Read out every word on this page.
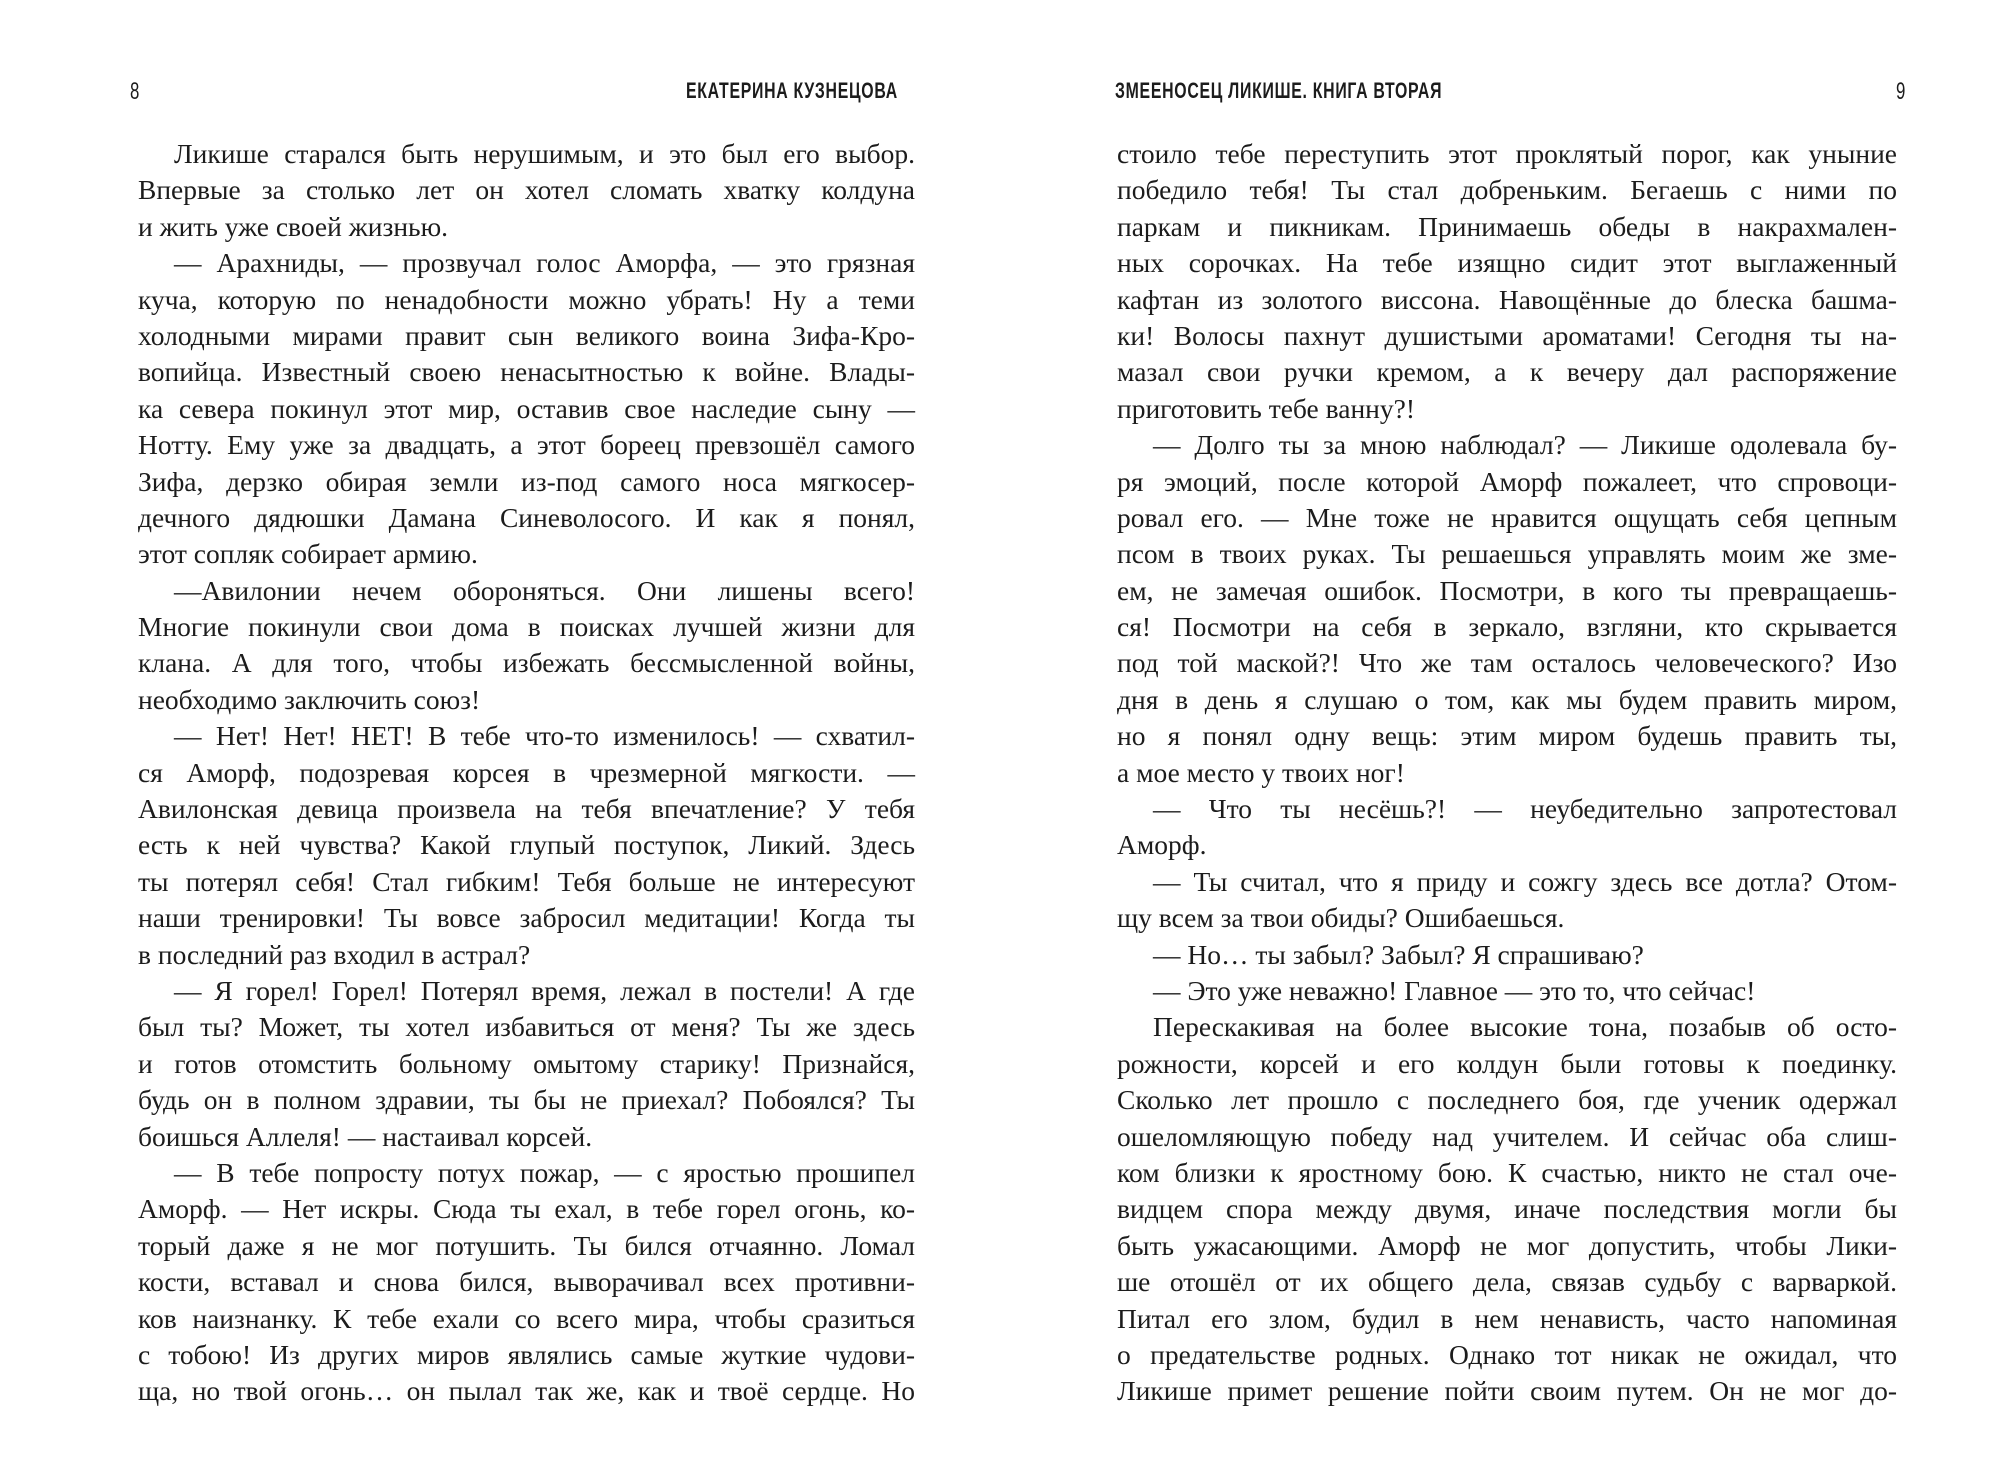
8	ЕКАТЕРИНА КУЗНЕЦОВА	ЗМЕЕНОСЕЦ ЛИКИШЕ. КНИГА ВТОРАЯ	9
Ликише старался быть нерушимым, и это был его выбор.
Впервые за столько лет он хотел сломать хватку колдуна
и жить уже своей жизнью.
— Арахниды, — прозвучал голос Аморфа, — это грязная
куча, которую по ненадобности можно убрать! Ну а теми
холодными мирами правит сын великого воина Зифа-Кро-
вопийца. Известный своею ненасытностью к войне. Влады-
ка севера покинул этот мир, оставив свое наследие сыну —
Нотту. Ему уже за двадцать, а этот бореец превзошёл самого
Зифа, дерзко обирая земли из-под самого носа мягкосер-
дечного дядюшки Дамана Синеволосого. И как я понял,
этот сопляк собирает армию.
—Авилонии нечем обороняться. Они лишены всего!
Многие покинули свои дома в поисках лучшей жизни для
клана. А для того, чтобы избежать бессмысленной войны,
необходимо заключить союз!
— Нет! Нет! НЕТ! В тебе что-то изменилось! — схватил-
ся Аморф, подозревая корсея в чрезмерной мягкости. —
Авилонская девица произвела на тебя впечатление? У тебя
есть к ней чувства? Какой глупый поступок, Ликий. Здесь
ты потерял себя! Стал гибким! Тебя больше не интересуют
наши тренировки! Ты вовсе забросил медитации! Когда ты
в последний раз входил в астрал?
— Я горел! Горел! Потерял время, лежал в постели! А где
был ты? Может, ты хотел избавиться от меня? Ты же здесь
и готов отомстить больному омытому старику! Признайся,
будь он в полном здравии, ты бы не приехал? Побоялся? Ты
боишься Аллеля! — настаивал корсей.
— В тебе попросту потух пожар, — с яростью прошипел
Аморф. — Нет искры. Сюда ты ехал, в тебе горел огонь, ко-
торый даже я не мог потушить. Ты бился отчаянно. Ломал
кости, вставал и снова бился, выворачивал всех противни-
ков наизнанку. К тебе ехали со всего мира, чтобы сразиться
с тобою! Из других миров являлись самые жуткие чудови-
ща, но твой огонь… он пылал так же, как и твоё сердце. Но
стоило тебе переступить этот проклятый порог, как уныние
победило тебя! Ты стал добреньким. Бегаешь с ними по
паркам и пикникам. Принимаешь обеды в накрахмален-
ных сорочках. На тебе изящно сидит этот выглаженный
кафтан из золотого виссона. Навощённые до блеска башма-
ки! Волосы пахнут душистыми ароматами! Сегодня ты на-
мазал свои ручки кремом, а к вечеру дал распоряжение
приготовить тебе ванну?!
— Долго ты за мною наблюдал? — Ликише одолевала бу-
ря эмоций, после которой Аморф пожалеет, что спровоци-
ровал его. — Мне тоже не нравится ощущать себя цепным
псом в твоих руках. Ты решаешься управлять моим же зме-
ем, не замечая ошибок. Посмотри, в кого ты превращаешь-
ся! Посмотри на себя в зеркало, взгляни, кто скрывается
под той маской?! Что же там осталось человеческого? Изо
дня в день я слушаю о том, как мы будем править миром,
но я понял одну вещь: этим миром будешь править ты,
а мое место у твоих ног!
— Что ты несёшь?! — неубедительно запротестовал
Аморф.
— Ты считал, что я приду и сожгу здесь все дотла? Отом-
щу всем за твои обиды? Ошибаешься.
— Но… ты забыл? Забыл? Я спрашиваю?
— Это уже неважно! Главное — это то, что сейчас!
Перескакивая на более высокие тона, позабыв об осто-
рожности, корсей и его колдун были готовы к поединку.
Сколько лет прошло с последнего боя, где ученик одержал
ошеломляющую победу над учителем. И сейчас оба слиш-
ком близки к яростному бою. К счастью, никто не стал оче-
видцем спора между двумя, иначе последствия могли бы
быть ужасающими. Аморф не мог допустить, чтобы Лики-
ше отошёл от их общего дела, связав судьбу с варваркой.
Питал его злом, будил в нем ненависть, часто напоминая
о предательстве родных. Однако тот никак не ожидал, что
Ликише примет решение пойти своим путем. Он не мог до-
